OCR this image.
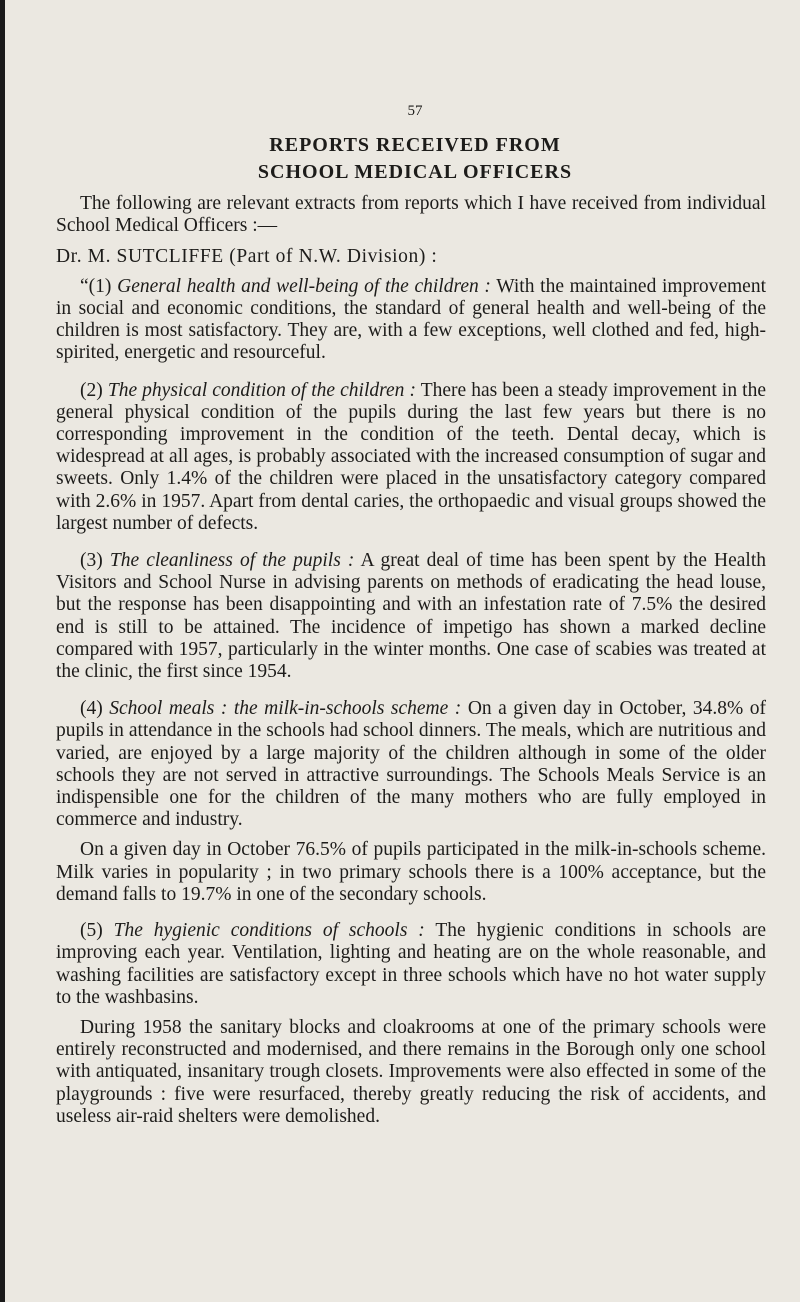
57
REPORTS RECEIVED FROM
SCHOOL MEDICAL OFFICERS

The following are relevant extracts from reports which I have received from individual School Medical Officers :—

Dr. M. SUTCLIFFE (Part of N.W. Division) :

“(1) General health and well-being of the children : With the maintained improvement in social and economic conditions, the standard of general health and well-being of the children is most satisfactory. They are, with a few exceptions, well clothed and fed, high-spirited, energetic and resourceful.

(2) The physical condition of the children : There has been a steady improvement in the general physical condition of the pupils during the last few years but there is no corresponding improvement in the condition of the teeth. Dental decay, which is widespread at all ages, is probably associated with the increased consumption of sugar and sweets. Only 1.4% of the children were placed in the unsatisfactory category compared with 2.6% in 1957. Apart from dental caries, the orthopaedic and visual groups showed the largest number of defects.

(3) The cleanliness of the pupils : A great deal of time has been spent by the Health Visitors and School Nurse in advising parents on methods of eradicating the head louse, but the response has been disappointing and with an infestation rate of 7.5% the desired end is still to be attained. The incidence of impetigo has shown a marked decline compared with 1957, particularly in the winter months. One case of scabies was treated at the clinic, the first since 1954.

(4) School meals : the milk-in-schools scheme : On a given day in October, 34.8% of pupils in attendance in the schools had school dinners. The meals, which are nutritious and varied, are enjoyed by a large majority of the children although in some of the older schools they are not served in attractive surroundings. The Schools Meals Service is an indispensible one for the children of the many mothers who are fully employed in commerce and industry.

On a given day in October 76.5% of pupils participated in the milk-in-schools scheme. Milk varies in popularity ; in two primary schools there is a 100% acceptance, but the demand falls to 19.7% in one of the secondary schools.

(5) The hygienic conditions of schools : The hygienic conditions in schools are improving each year. Ventilation, lighting and heating are on the whole reasonable, and washing facilities are satisfactory except in three schools which have no hot water supply to the washbasins.

During 1958 the sanitary blocks and cloakrooms at one of the primary schools were entirely reconstructed and modernised, and there remains in the Borough only one school with antiquated, insanitary trough closets. Improvements were also effected in some of the playgrounds : five were resurfaced, thereby greatly reducing the risk of accidents, and useless air-raid shelters were demolished.
